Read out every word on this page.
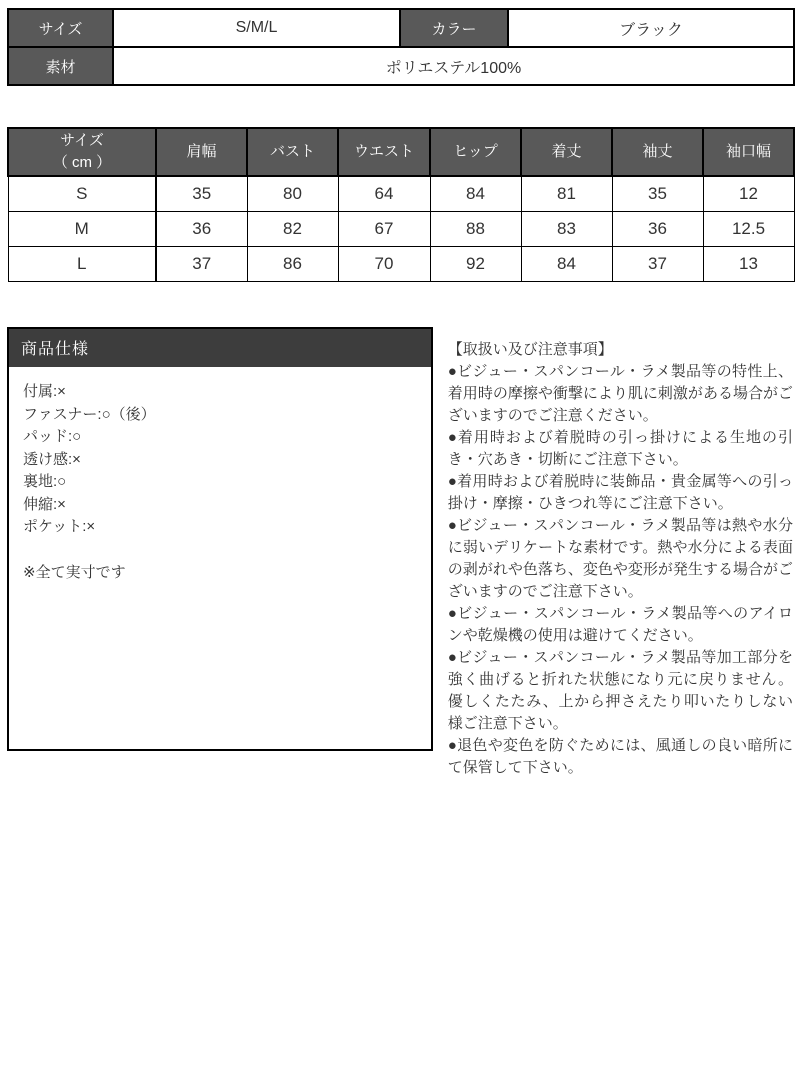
サイズ	S/M/L	カラー	ブラック
素材	ポリエステル100%		
サイズ
（ cm ）	肩幅	バスト	ウエスト	ヒップ	着丈	袖丈	袖口幅
S	35	80	64	84	81	35	12
M	36	82	67	88	83	36	12.5
L	37	86	70	92	84	37	13
商品仕様

付属:×

ファスナー:○（後）

パッド:○

透け感:×

裏地:○

伸縮:×

ポケット:×

※全て実寸です

【取扱い及び注意事項】

●ビジュー・スパンコール・ラメ製品等の特性上、着用時の摩擦や衝撃により肌に刺激がある場合がございますのでご注意ください。

●着用時および着脱時の引っ掛けによる生地の引き・穴あき・切断にご注意下さい。

●着用時および着脱時に装飾品・貴金属等への引っ掛け・摩擦・ひきつれ等にご注意下さい。

●ビジュー・スパンコール・ラメ製品等は熱や水分に弱いデリケートな素材です。熱や水分による表面の剥がれや色落ち、変色や変形が発生する場合がございますのでご注意下さい。

●ビジュー・スパンコール・ラメ製品等へのアイロンや乾燥機の使用は避けてください。

●ビジュー・スパンコール・ラメ製品等加工部分を強く曲げると折れた状態になり元に戻りません。優しくたたみ、上から押さえたり叩いたりしない様ご注意下さい。

●退色や変色を防ぐためには、風通しの良い暗所にて保管して下さい。
